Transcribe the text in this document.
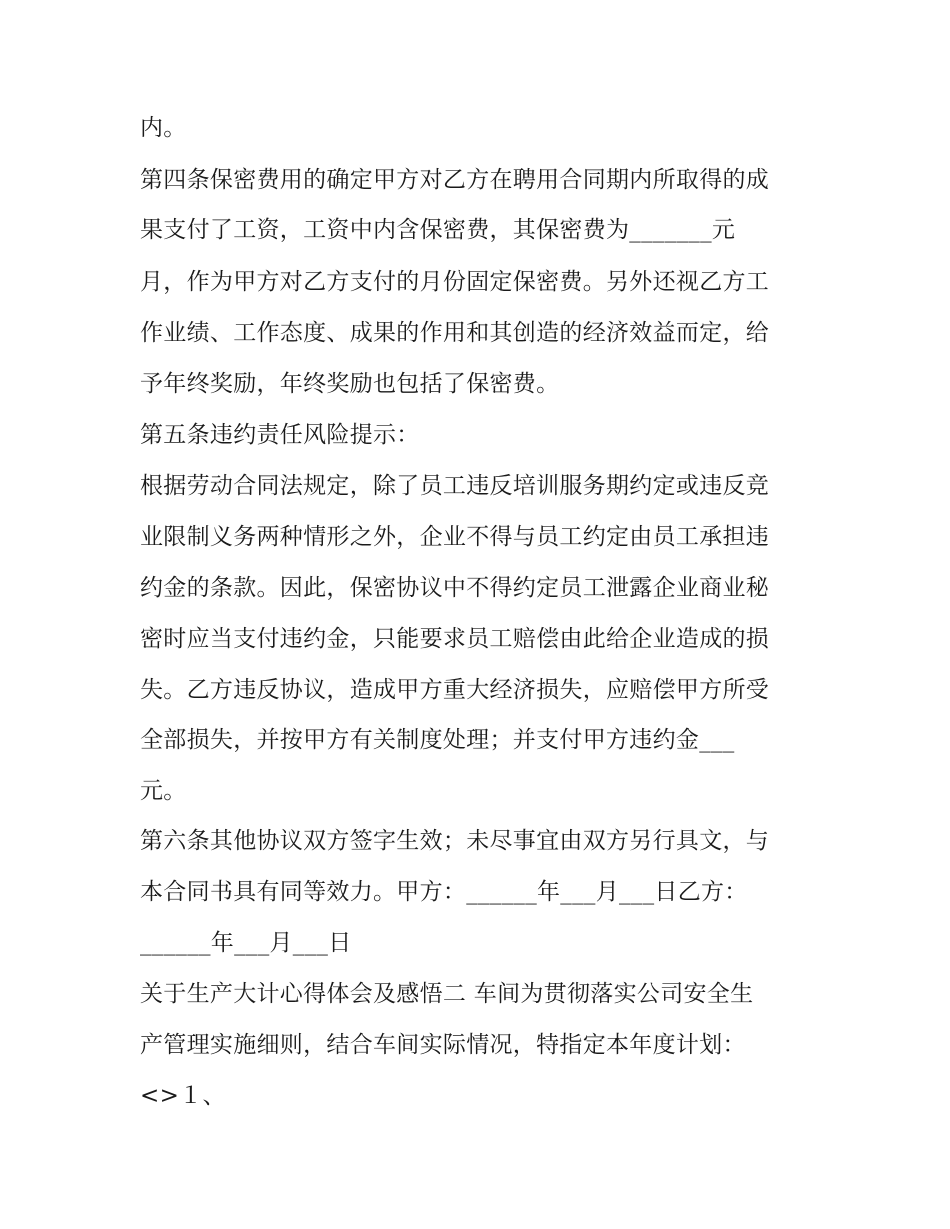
内。
第四条保密费用的确定甲方对乙方在聘用合同期内所取得的成
果支付了工资，工资中内含保密费，其保密费为_______元
月，作为甲方对乙方支付的月份固定保密费。另外还视乙方工
作业绩、工作态度、成果的作用和其创造的经济效益而定，给
予年终奖励，年终奖励也包括了保密费。
第五条违约责任风险提示：
根据劳动合同法规定，除了员工违反培训服务期约定或违反竞
业限制义务两种情形之外，企业不得与员工约定由员工承担违
约金的条款。因此，保密协议中不得约定员工泄露企业商业秘
密时应当支付违约金，只能要求员工赔偿由此给企业造成的损
失。乙方违反协议，造成甲方重大经济损失，应赔偿甲方所受
全部损失，并按甲方有关制度处理；并支付甲方违约金___
元。
第六条其他协议双方签字生效；未尽事宜由双方另行具文，与
本合同书具有同等效力。甲方：______年___月___日乙方：
______年___月___日
关于生产大计心得体会及感悟二 车间为贯彻落实公司安全生
产管理实施细则，结合车间实际情况，特指定本年度计划：
<>１、
